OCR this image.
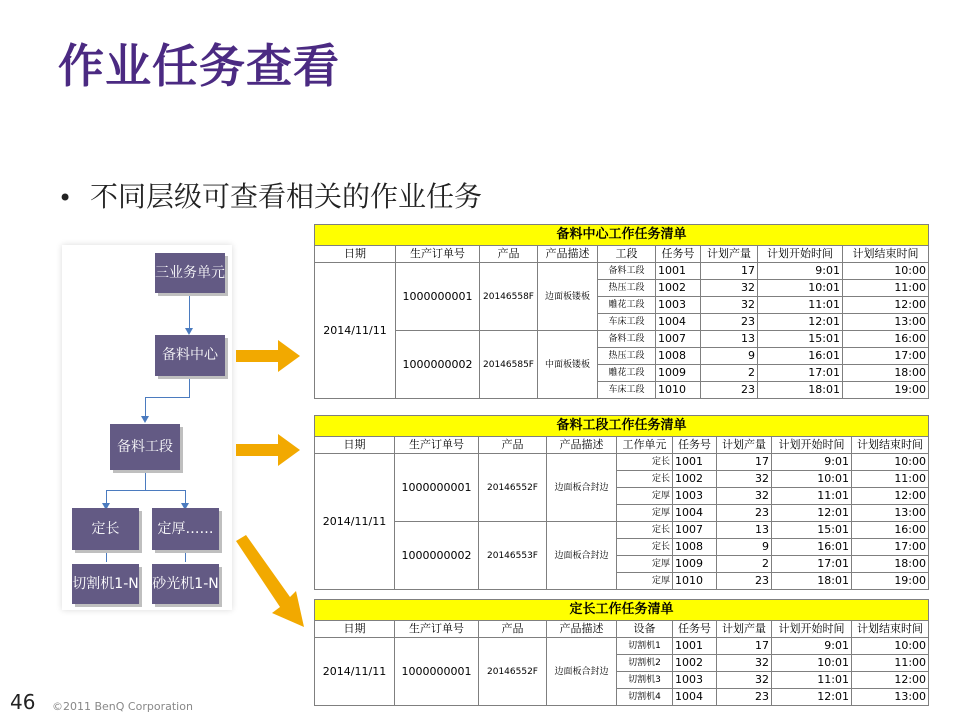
作业任务查看
• 不同层级可查看相关的作业任务
三业务单元
备料中心
备料工段
定长	定厚……
切割机1-N 砂光机1-N
备料中心工作任务清单								
日期	生产订单号	产品	产品描述	工段	任务号	计划产量	计划开始时间	计划结束时间
2014/11/11	1000000001	20146558F	边面板镂板	备料工段	1001	17	9:01	10:00
				热压工段	1002	32	10:01	11:00
				雕花工段	1003	32	11:01	12:00
				车床工段	1004	23	12:01	13:00
	1000000002	20146585F	中面板镂板	备料工段	1007	13	15:01	16:00
				热压工段	1008	9	16:01	17:00
				雕花工段	1009	2	17:01	18:00
				车床工段	1010	23	18:01	19:00
备料工段工作任务清单								
日期	生产订单号	产品	产品描述	工作单元	任务号	计划产量	计划开始时间	计划结束时间
2014/11/11	1000000001	20146552F	边面板合封边	定长	1001	17	9:01	10:00
				定长	1002	32	10:01	11:00
				定厚	1003	32	11:01	12:00
				定厚	1004	23	12:01	13:00
	1000000002	20146553F	边面板合封边	定长	1007	13	15:01	16:00
				定长	1008	9	16:01	17:00
				定厚	1009	2	17:01	18:00
				定厚	1010	23	18:01	19:00
定长工作任务清单								
日期	生产订单号	产品	产品描述	设备	任务号	计划产量	计划开始时间	计划结束时间
2014/11/11	1000000001	20146552F	边面板合封边	切割机1	1001	17	9:01	10:00
				切割机2	1002	32	10:01	11:00
				切割机3	1003	32	11:01	12:00
				切割机4	1004	23	12:01	13:00
46 ©2011 BenQ Corporation
